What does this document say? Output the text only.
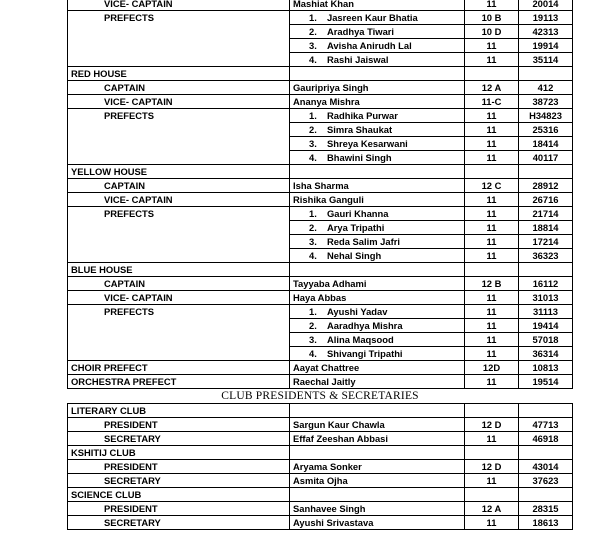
VICE- CAPTAIN	Mashiat Khan	11	20014
PREFECTS	1. Jasreen Kaur Bhatia	10 B	19113
	2. Aradhya Tiwari	10 D	42313
	3. Avisha Anirudh Lal	11	19914
	4. Rashi Jaiswal	11	35114
RED HOUSE			
CAPTAIN	Gauripriya Singh	12 A	412
VICE- CAPTAIN	Ananya Mishra	11-C	38723
PREFECTS	1. Radhika Purwar	11	H34823
	2. Simra Shaukat	11	25316
	3. Shreya Kesarwani	11	18414
	4. Bhawini Singh	11	40117
YELLOW HOUSE			
CAPTAIN	Isha Sharma	12 C	28912
VICE- CAPTAIN	Rishika Ganguli	11	26716
PREFECTS	1. Gauri Khanna	11	21714
	2. Arya Tripathi	11	18814
	3. Reda Salim Jafri	11	17214
	4. Nehal Singh	11	36323
BLUE HOUSE			
CAPTAIN	Tayyaba Adhami	12 B	16112
VICE- CAPTAIN	Haya Abbas	11	31013
PREFECTS	1. Ayushi Yadav	11	31113
	2. Aaradhya Mishra	11	19414
	3. Alina Maqsood	11	57018
	4. Shivangi Tripathi	11	36314
CHOIR PREFECT	Aayat Chattree	12D	10813
ORCHESTRA PREFECT	Raechal Jaitly	11	19514
CLUB PRESIDENTS & SECRETARIES			
LITERARY CLUB			
PRESIDENT	Sargun Kaur Chawla	12 D	47713
SECRETARY	Effaf Zeeshan Abbasi	11	46918
KSHITIJ CLUB			
PRESIDENT	Aryama Sonker	12 D	43014
SECRETARY	Asmita Ojha	11	37623
SCIENCE CLUB			
PRESIDENT	Sanhavee Singh	12 A	28315
SECRETARY	Ayushi Srivastava	11	18613
